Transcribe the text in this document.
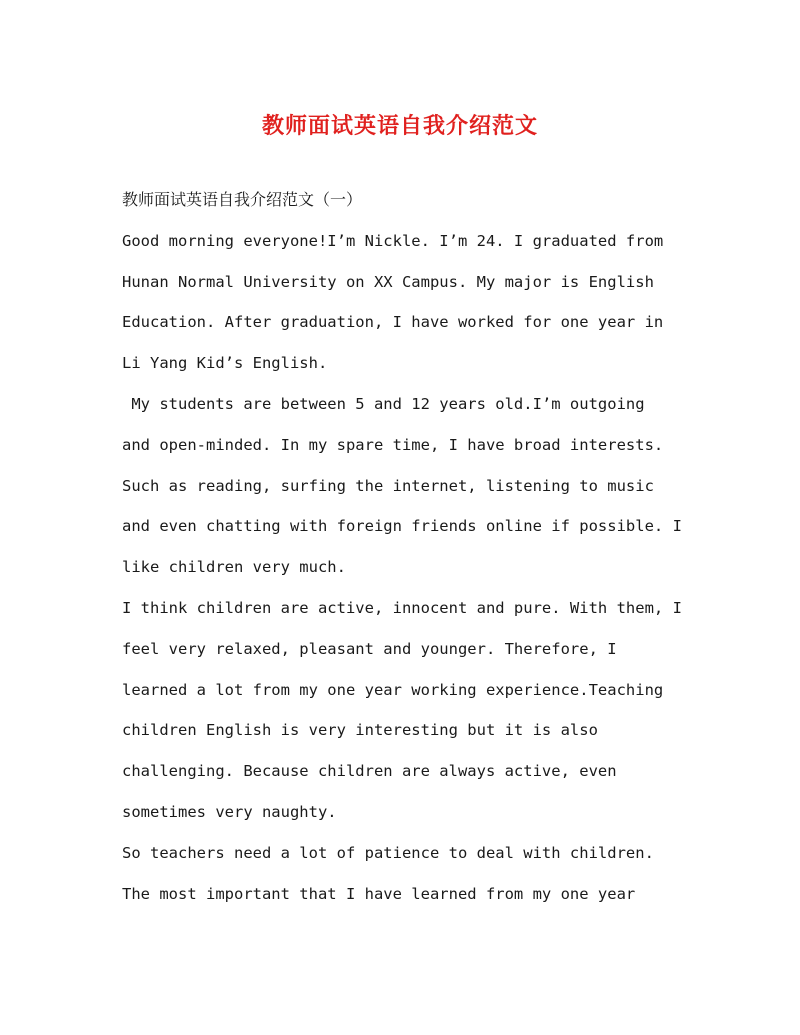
教师面试英语自我介绍范文
教师面试英语自我介绍范文（一）
Good morning everyone!I’m Nickle. I’m 24. I graduated from
Hunan Normal University on XX Campus. My major is English
Education. After graduation, I have worked for one year in
Li Yang Kid’s English.
My students are between 5 and 12 years old.I’m outgoing
and open-minded. In my spare time, I have broad interests.
Such as reading, surfing the internet, listening to music
and even chatting with foreign friends online if possible. I
like children very much.
I think children are active, innocent and pure. With them, I
feel very relaxed, pleasant and younger. Therefore, I
learned a lot from my one year working experience.Teaching
children English is very interesting but it is also
challenging. Because children are always active, even
sometimes very naughty.
So teachers need a lot of patience to deal with children.
The most important that I have learned from my one year
